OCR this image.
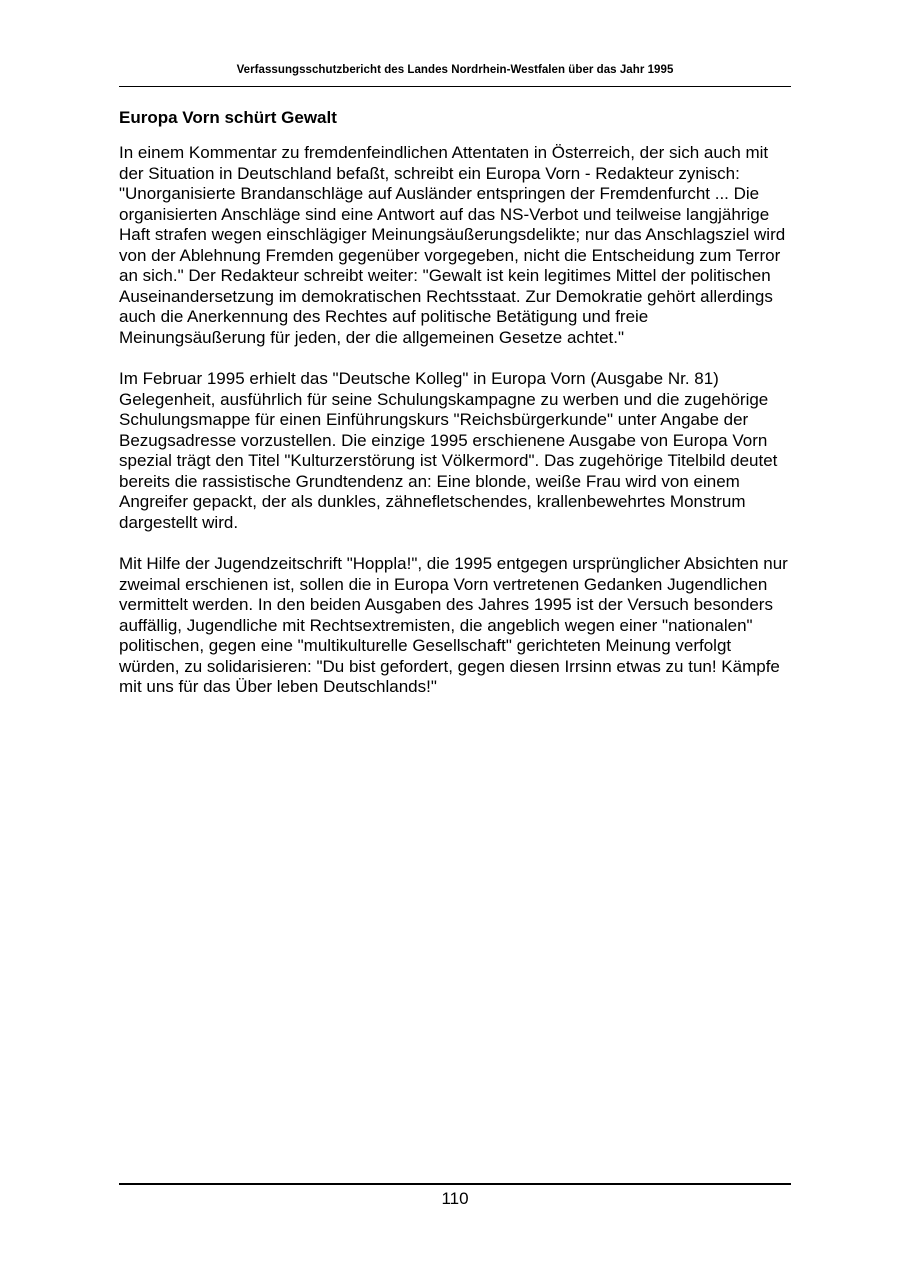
Verfassungsschutzbericht des Landes Nordrhein-Westfalen über das Jahr 1995
Europa Vorn schürt Gewalt

In einem Kommentar zu fremdenfeindlichen Attentaten in Österreich, der sich auch mit der Situation in Deutschland befaßt, schreibt ein Europa Vorn - Redakteur zynisch: "Unorganisierte Brandanschläge auf Ausländer entspringen der Fremdenfurcht ... Die organisierten Anschläge sind eine Antwort auf das NS-Verbot und teilweise langjährige Haft strafen wegen einschlägiger Meinungsäußerungsdelikte; nur das Anschlagsziel wird von der Ablehnung Fremden gegenüber vorgegeben, nicht die Entscheidung zum Terror an sich." Der Redakteur schreibt weiter: "Gewalt ist kein legitimes Mittel der politischen Auseinandersetzung im demokratischen Rechtsstaat. Zur Demokratie gehört allerdings auch die Anerkennung des Rechtes auf politische Betätigung und freie Meinungsäußerung für jeden, der die allgemeinen Gesetze achtet."

Im Februar 1995 erhielt das "Deutsche Kolleg" in Europa Vorn (Ausgabe Nr. 81) Gelegenheit, ausführlich für seine Schulungskampagne zu werben und die zugehörige Schulungsmappe für einen Einführungskurs "Reichsbürgerkunde" unter Angabe der Bezugsadresse vorzustellen. Die einzige 1995 erschienene Ausgabe von Europa Vorn spezial trägt den Titel "Kulturzerstörung ist Völkermord". Das zugehörige Titelbild deutet bereits die rassistische Grundtendenz an: Eine blonde, weiße Frau wird von einem Angreifer gepackt, der als dunkles, zähnefletschendes, krallenbewehrtes Monstrum dargestellt wird.

Mit Hilfe der Jugendzeitschrift "Hoppla!", die 1995 entgegen ursprünglicher Absichten nur zweimal erschienen ist, sollen die in Europa Vorn vertretenen Gedanken Jugendlichen vermittelt werden. In den beiden Ausgaben des Jahres 1995 ist der Versuch besonders auffällig, Jugendliche mit Rechtsextremisten, die angeblich wegen einer "nationalen" politischen, gegen eine "multikulturelle Gesellschaft" gerichteten Meinung verfolgt würden, zu solidarisieren: "Du bist gefordert, gegen diesen Irrsinn etwas zu tun! Kämpfe mit uns für das Über leben Deutschlands!"

110
